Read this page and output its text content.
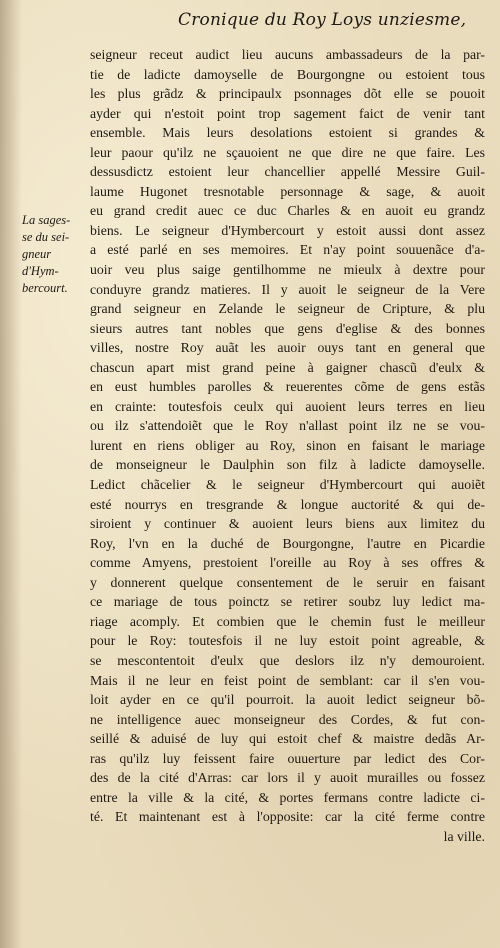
Cronique du Roy Loys unziesme,
La sages-
se du sei-
gneur
d'Hym-
bercourt.
seigneur receut audict lieu aucuns ambassadeurs de la par-
tie de ladicte damoyselle de Bourgongne ou estoient tous
les plus grãdz & principaulx psonnages dõt elle se pouoit
ayder qui n'estoit point trop sagement faict de venir tant
ensemble. Mais leurs desolations estoient si grandes &
leur paour qu'ilz ne sçauoient ne que dire ne que faire. Les
dessusdictz estoient leur chancellier appellé Messire Guil-
laume Hugonet tresnotable personnage & sage, & auoit
eu grand credit auec ce duc Charles & en auoit eu grandz
biens. Le seigneur d'Hymbercourt y estoit aussi dont assez
a esté parlé en ses memoires. Et n'ay point souuenãce d'a-
uoir veu plus saige gentilhomme ne mieulx à dextre pour
conduyre grandz matieres. Il y auoit le seigneur de la Vere
grand seigneur en Zelande le seigneur de Cripture, & plu
sieurs autres tant nobles que gens d'eglise & des bonnes
villes, nostre Roy auãt les auoir ouys tant en general que
chascun apart mist grand peine à gaigner chascũ d'eulx &
en eust humbles parolles & reuerentes cõme de gens estãs
en crainte: toutesfois ceulx qui auoient leurs terres en lieu
ou ilz s'attendoiẽt que le Roy n'allast point ilz ne se vou-
lurent en riens obliger au Roy, sinon en faisant le mariage
de monseigneur le Daulphin son filz à ladicte damoyselle.
Ledict chãcelier & le seigneur d'Hymbercourt qui auoiẽt
esté nourrys en tresgrande & longue auctorité & qui de-
siroient y continuer & auoient leurs biens aux limitez du
Roy, l'vn en la duché de Bourgongne, l'autre en Picardie
comme Amyens, prestoient l'oreille au Roy à ses offres &
y donnerent quelque consentement de le seruir en faisant
ce mariage de tous poinctz se retirer soubz luy ledict ma-
riage acomply. Et combien que le chemin fust le meilleur
pour le Roy: toutesfois il ne luy estoit point agreable, &
se mescontentoit d'eulx que deslors ilz n'y demouroient.
Mais il ne leur en feist point de semblant: car il s'en vou-
loit ayder en ce qu'il pourroit. la auoit ledict seigneur bõ-
ne intelligence auec monseigneur des Cordes, & fut con-
seillé & aduisé de luy qui estoit chef & maistre dedãs Ar-
ras qu'ilz luy feissent faire ouuerture par ledict des Cor-
des de la cité d'Arras: car lors il y auoit murailles ou fossez
entre la ville & la cité, & portes fermans contre ladicte ci-
té. Et maintenant est à l'opposite: car la cité ferme contre
la ville.
